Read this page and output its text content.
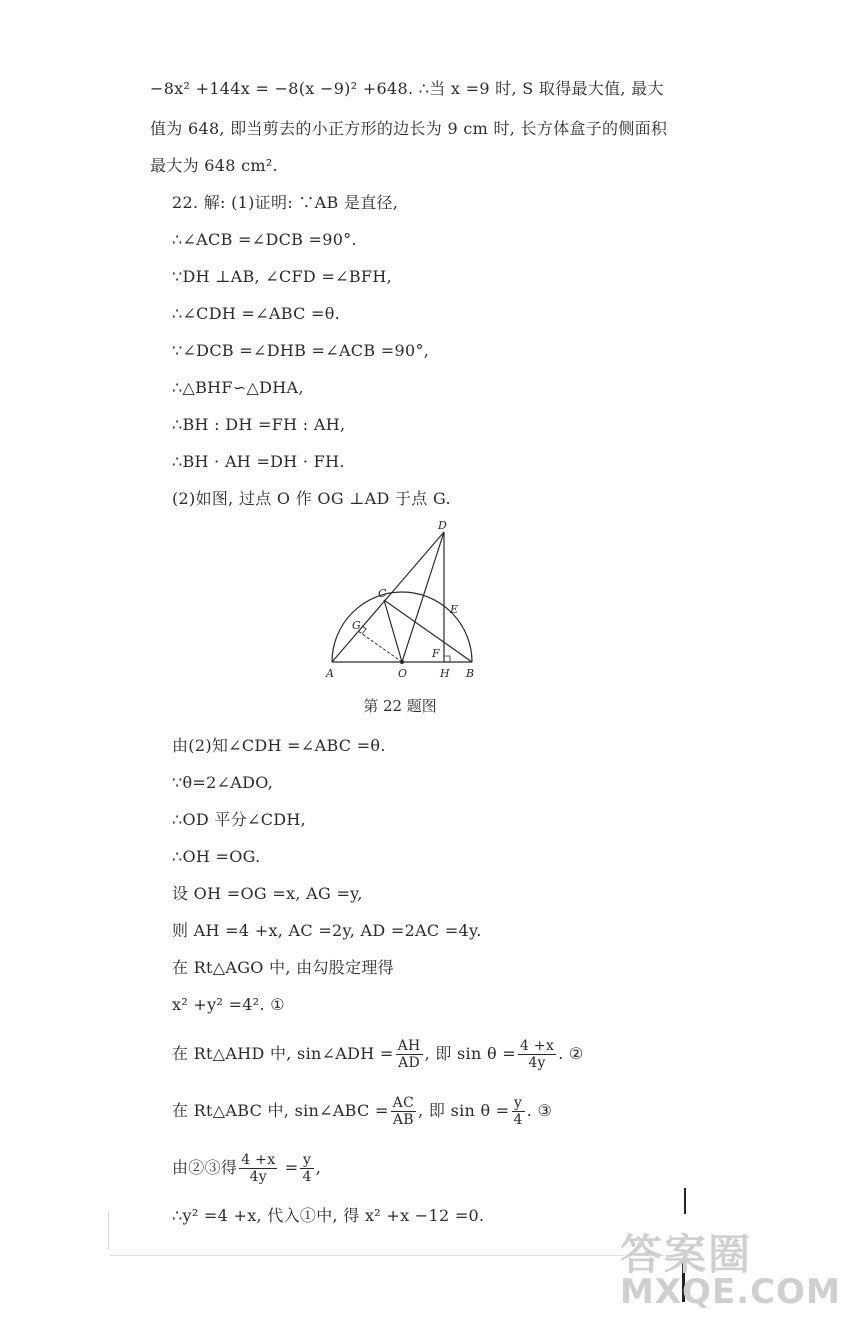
−8x² +144x = −8(x −9)² +648. ∴当 x =9 时, S 取得最大值, 最大
值为 648, 即当剪去的小正方形的边长为 9 cm 时, 长方体盒子的侧面积
最大为 648 cm².
22. 解: (1)证明: ∵AB 是直径,
∴∠ACB =∠DCB =90°.
∵DH ⊥AB, ∠CFD =∠BFH,
∴∠CDH =∠ABC =θ.
∵∠DCB =∠DHB =∠ACB =90°,
∴△BHF∽△DHA,
∴BH : DH =FH : AH,
∴BH · AH =DH · FH.
(2)如图, 过点 O 作 OG ⊥AD 于点 G.
D
C
E
G
F
A	O	H B
第 22 题图
由(2)知∠CDH =∠ABC =θ.
∵θ=2∠ADO,
∴OD 平分∠CDH,
∴OH =OG.
设 OH =OG =x, AG =y,
则 AH =4 +x, AC =2y, AD =2AC =4y.
在 Rt△AGO 中, 由勾股定理得
x² +y² =4². ①
在 Rt△AHD 中, sin∠ADH = $\frac{AH}{AD}$ , 即 $\sin \theta = \frac{4 +x}{4y}$ . ②
在 Rt△ABC 中, sin∠ABC = $\frac{AC}{AB}$ , 即 $\sin \theta = \frac{y}{4}$ . ③
由②③得 $\frac{4 +x}{4y} = \frac{y}{4}$ ,
∴y² =4 +x, 代入①中, 得 x² +x −12 =0.
答案圈
MXQE.COM
